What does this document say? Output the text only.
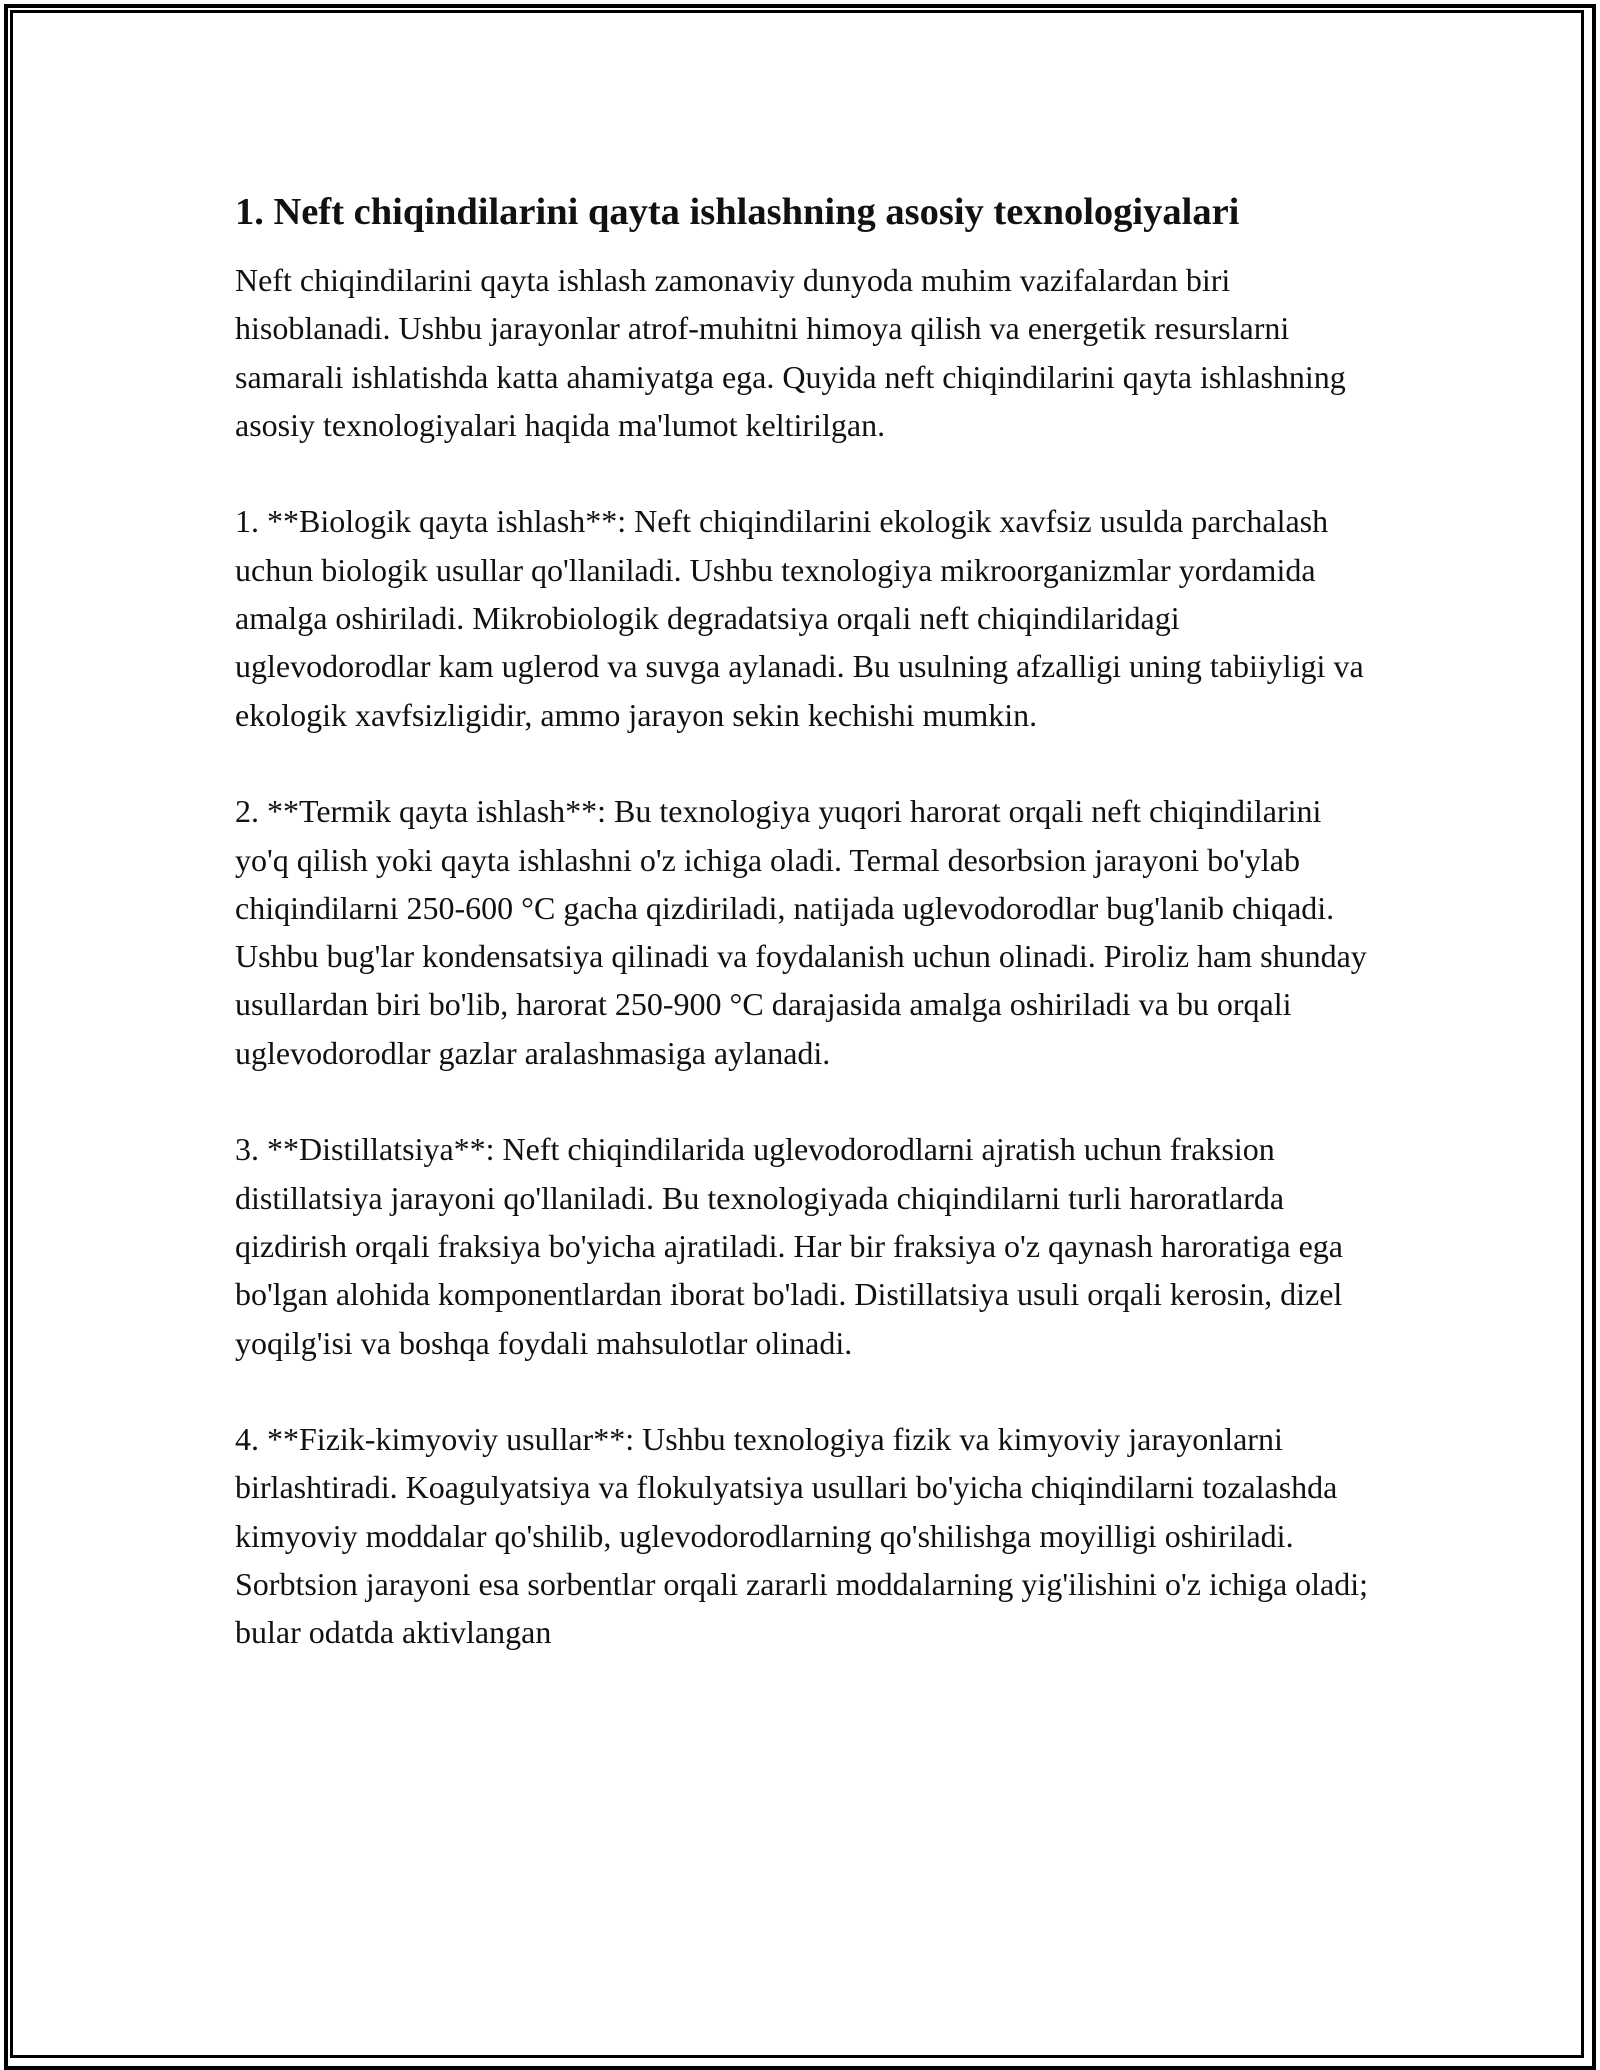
1. Neft chiqindilarini qayta ishlashning asosiy texnologiyalari

Neft chiqindilarini qayta ishlash zamonaviy dunyoda muhim vazifalardan biri hisoblanadi. Ushbu jarayonlar atrof-muhitni himoya qilish va energetik resurslarni samarali ishlatishda katta ahamiyatga ega. Quyida neft chiqindilarini qayta ishlashning asosiy texnologiyalari haqida ma'lumot keltirilgan.

1. **Biologik qayta ishlash**: Neft chiqindilarini ekologik xavfsiz usulda parchalash uchun biologik usullar qo'llaniladi. Ushbu texnologiya mikroorganizmlar yordamida amalga oshiriladi. Mikrobiologik degradatsiya orqali neft chiqindilaridagi uglevodorodlar kam uglerod va suvga aylanadi. Bu usulning afzalligi uning tabiiyligi va ekologik xavfsizligidir, ammo jarayon sekin kechishi mumkin.

2. **Termik qayta ishlash**: Bu texnologiya yuqori harorat orqali neft chiqindilarini yo'q qilish yoki qayta ishlashni o'z ichiga oladi. Termal desorbsion jarayoni bo'ylab chiqindilarni 250-600 °C gacha qizdiriladi, natijada uglevodorodlar bug'lanib chiqadi. Ushbu bug'lar kondensatsiya qilinadi va foydalanish uchun olinadi. Piroliz ham shunday usullardan biri bo'lib, harorat 250-900 °C darajasida amalga oshiriladi va bu orqali uglevodorodlar gazlar aralashmasiga aylanadi.

3. **Distillatsiya**: Neft chiqindilarida uglevodorodlarni ajratish uchun fraksion distillatsiya jarayoni qo'llaniladi. Bu texnologiyada chiqindilarni turli haroratlarda qizdirish orqali fraksiya bo'yicha ajratiladi. Har bir fraksiya o'z qaynash haroratiga ega bo'lgan alohida komponentlardan iborat bo'ladi. Distillatsiya usuli orqali kerosin, dizel yoqilg'isi va boshqa foydali mahsulotlar olinadi.

4. **Fizik-kimyoviy usullar**: Ushbu texnologiya fizik va kimyoviy jarayonlarni birlashtiradi. Koagulyatsiya va flokulyatsiya usullari bo'yicha chiqindilarni tozalashda kimyoviy moddalar qo'shilib, uglevodorodlarning qo'shilishga moyilligi oshiriladi. Sorbtsion jarayoni esa sorbentlar orqali zararli moddalarning yig'ilishini o'z ichiga oladi; bular odatda aktivlangan
